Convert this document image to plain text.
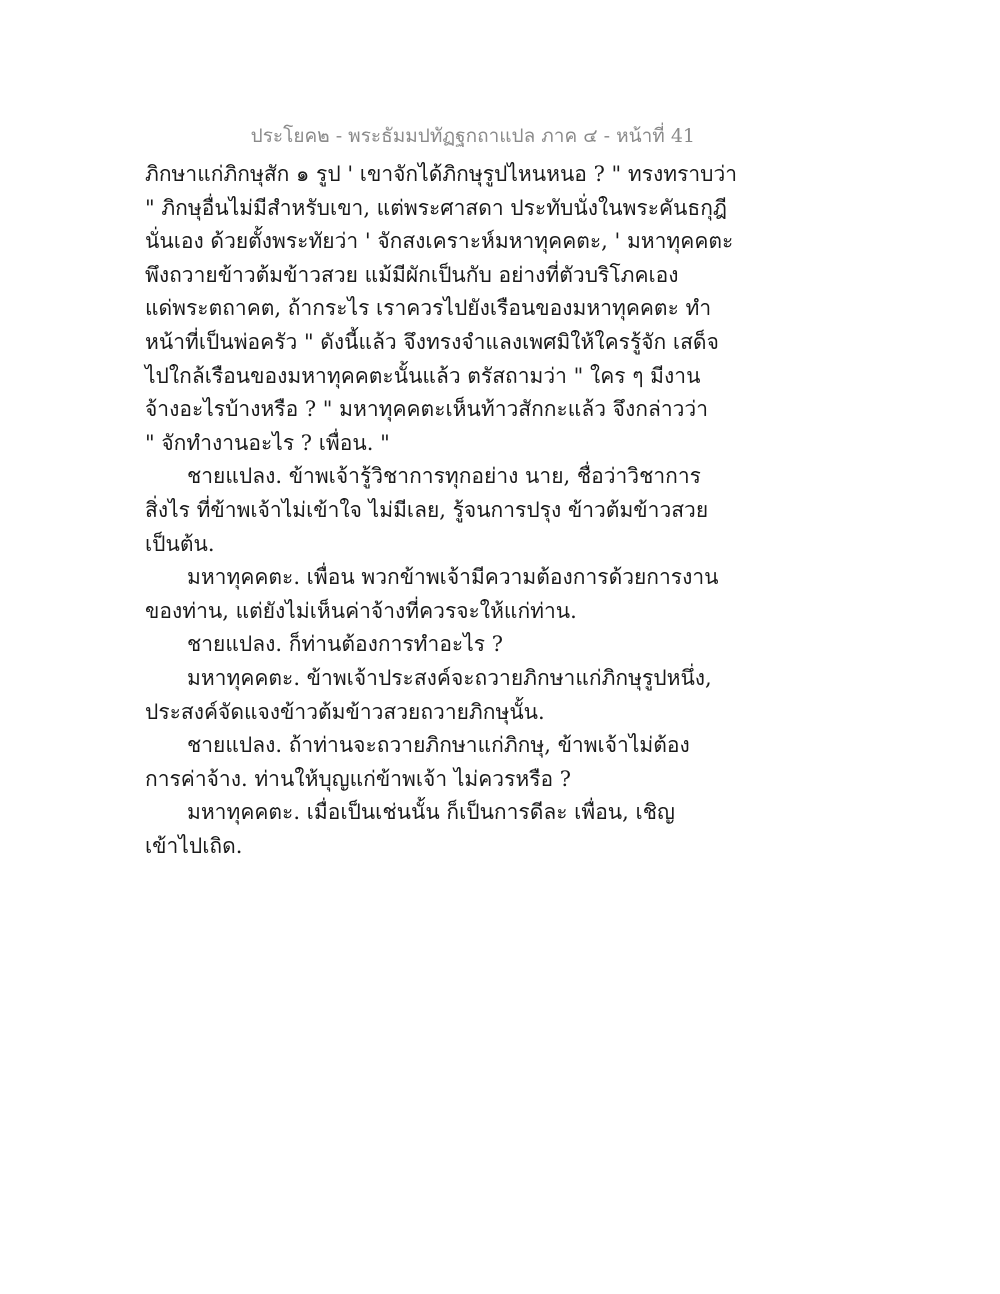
ประโยค๒ - พระธัมมปทัฏฐกถาแปล ภาค ๔ - หน้าที่ 41
ภิกษาแก่ภิกษุสัก ๑ รูป ' เขาจักได้ภิกษุรูปไหนหนอ ? " ทรงทราบว่า
" ภิกษุอื่นไม่มีสำหรับเขา, แต่พระศาสดา ประทับนั่งในพระคันธกุฎี
นั่นเอง ด้วยตั้งพระทัยว่า ' จักสงเคราะห์มหาทุคคตะ, ' มหาทุคคตะ
พึงถวายข้าวต้มข้าวสวย แม้มีผักเป็นกับ อย่างที่ตัวบริโภคเอง
แด่พระตถาคต, ถ้ากระไร เราควรไปยังเรือนของมหาทุคคตะ ทำ
หน้าที่เป็นพ่อครัว " ดังนี้แล้ว จึงทรงจำแลงเพศมิให้ใครรู้จัก เสด็จ
ไปใกล้เรือนของมหาทุคคตะนั้นแล้ว ตรัสถามว่า " ใคร ๆ มีงาน
จ้างอะไรบ้างหรือ ? " มหาทุคคตะเห็นท้าวสักกะแล้ว จึงกล่าวว่า
" จักทำงานอะไร ? เพื่อน. "
ชายแปลง. ข้าพเจ้ารู้วิชาการทุกอย่าง นาย, ชื่อว่าวิชาการ
สิ่งไร ที่ข้าพเจ้าไม่เข้าใจ ไม่มีเลย, รู้จนการปรุง ข้าวต้มข้าวสวย
เป็นต้น.
มหาทุคคตะ. เพื่อน พวกข้าพเจ้ามีความต้องการด้วยการงาน
ของท่าน, แต่ยังไม่เห็นค่าจ้างที่ควรจะให้แก่ท่าน.
ชายแปลง. ก็ท่านต้องการทำอะไร ?
มหาทุคคตะ. ข้าพเจ้าประสงค์จะถวายภิกษาแก่ภิกษุรูปหนึ่ง,
ประสงค์จัดแจงข้าวต้มข้าวสวยถวายภิกษุนั้น.
ชายแปลง. ถ้าท่านจะถวายภิกษาแก่ภิกษุ, ข้าพเจ้าไม่ต้อง
การค่าจ้าง. ท่านให้บุญแก่ข้าพเจ้า ไม่ควรหรือ ?
มหาทุคคตะ. เมื่อเป็นเช่นนั้น ก็เป็นการดีละ เพื่อน, เชิญ
เข้าไปเถิด.
